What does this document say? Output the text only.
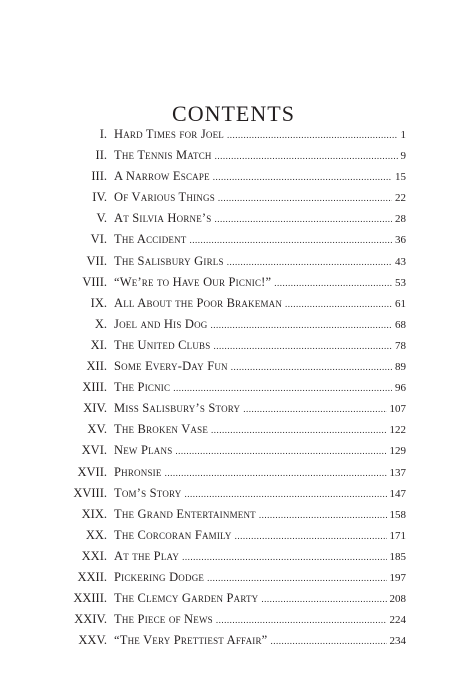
CONTENTS
I. Hard Times for Joel .....	1
II. The Tennis Match .....	9
III. A Narrow Escape .....	15
IV. Of Various Things .....	22
V. At Silvia Horne’s .....	28
VI. The Accident .....	36
VII. The Salisbury Girls .....	43
VIII. “We’re to Have Our Picnic!” .....	53
IX. All About the Poor Brakeman .....	61
X. Joel and His Dog .....	68
XI. The United Clubs .....	78
XII. Some Every-Day Fun .....	89
XIII. The Picnic .....	96
XIV. Miss Salisbury’s Story .....	107
XV. The Broken Vase .....	122
XVI. New Plans .....	129
XVII. Phronsie .....	137
XVIII. Tom’s Story .....	147
XIX. The Grand Entertainment .....	158
XX. The Corcoran Family .....	171
XXI. At the Play .....	185
XXII. Pickering Dodge .....	197
XXIII. The Clemcy Garden Party .....	208
XXIV. The Piece of News .....	224
XXV. “The Very Prettiest Affair” .....	234
